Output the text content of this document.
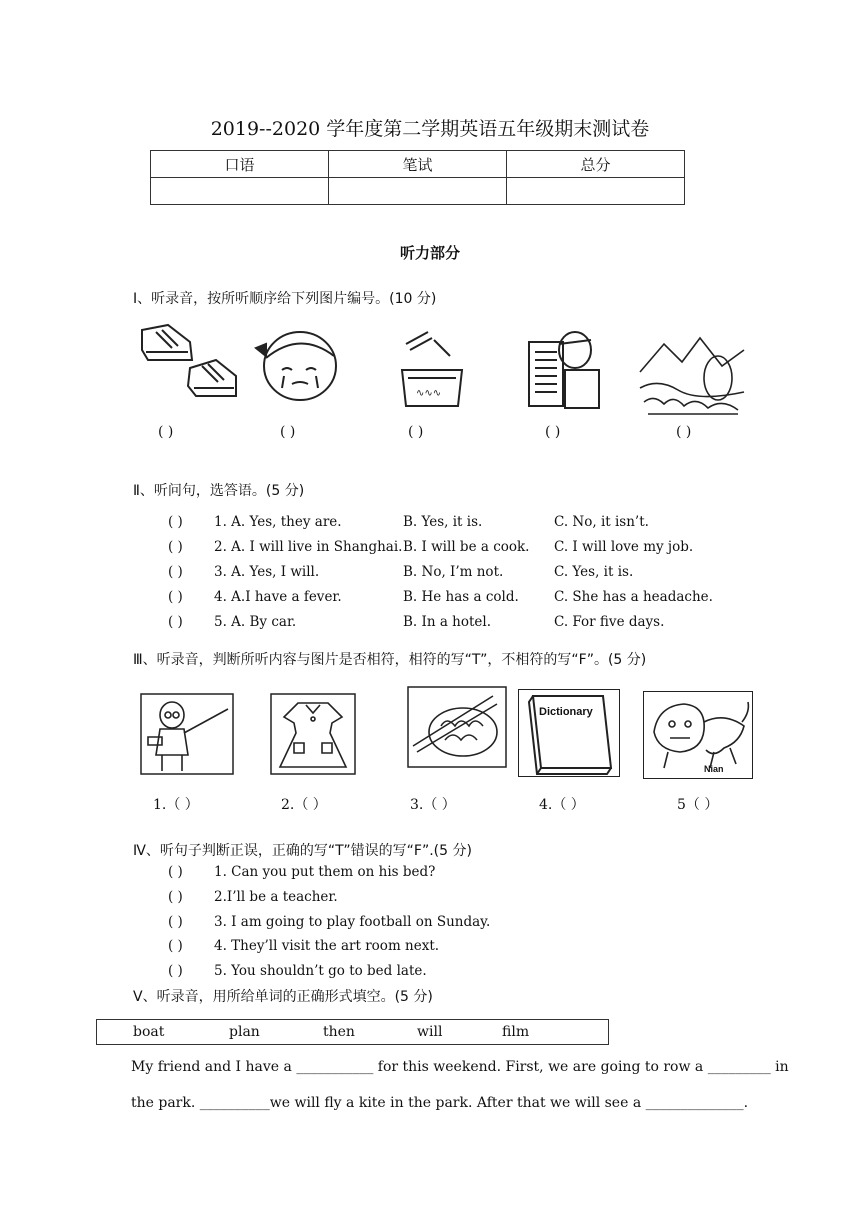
2019--2020 学年度第二学期英语五年级期末测试卷
口语	笔试	总分

听力部分
Ⅰ、听录音，按所听顺序给下列图片编号。(10 分)
∿∿∿
( )	( )	( )	( )	( )
Ⅱ、听问句，选答语。(5 分)
( ) 1. A. Yes, they are.	B. Yes, it is.	C. No, it isn’t.
( ) 2. A. I will live in Shanghai. B. I will be a cook. C. I will love my job.
( ) 3. A. Yes, I will.	B. No, I’m not.	C. Yes, it is.
( ) 4. A.I have a fever.	B. He has a cold.	C. She has a headache.
( ) 5. A. By car.	B. In a hotel.	C. For five days.
Ⅲ、听录音，判断所听内容与图片是否相符，相符的写“T”，不相符的写“F”。(5 分)
Dictionary
Nian
1.（ ）	2.（ ）	3.（ ）	4.（ ）	5（ ）
Ⅳ、听句子判断正误，正确的写“T”错误的写“F”.(5 分)
( ) 1. Can you put them on his bed?
( ) 2.I’ll be a teacher.
( ) 3. I am going to play football on Sunday.
( ) 4. They’ll visit the art room next.
( ) 5. You shouldn’t go to bed late.
Ⅴ、听录音，用所给单词的正确形式填空。(5 分)
boat	plan	then	will	film
My friend and I have a ___________ for this weekend. First, we are going to row a _________ in
the park. __________we will fly a kite in the park. After that we will see a ______________.
